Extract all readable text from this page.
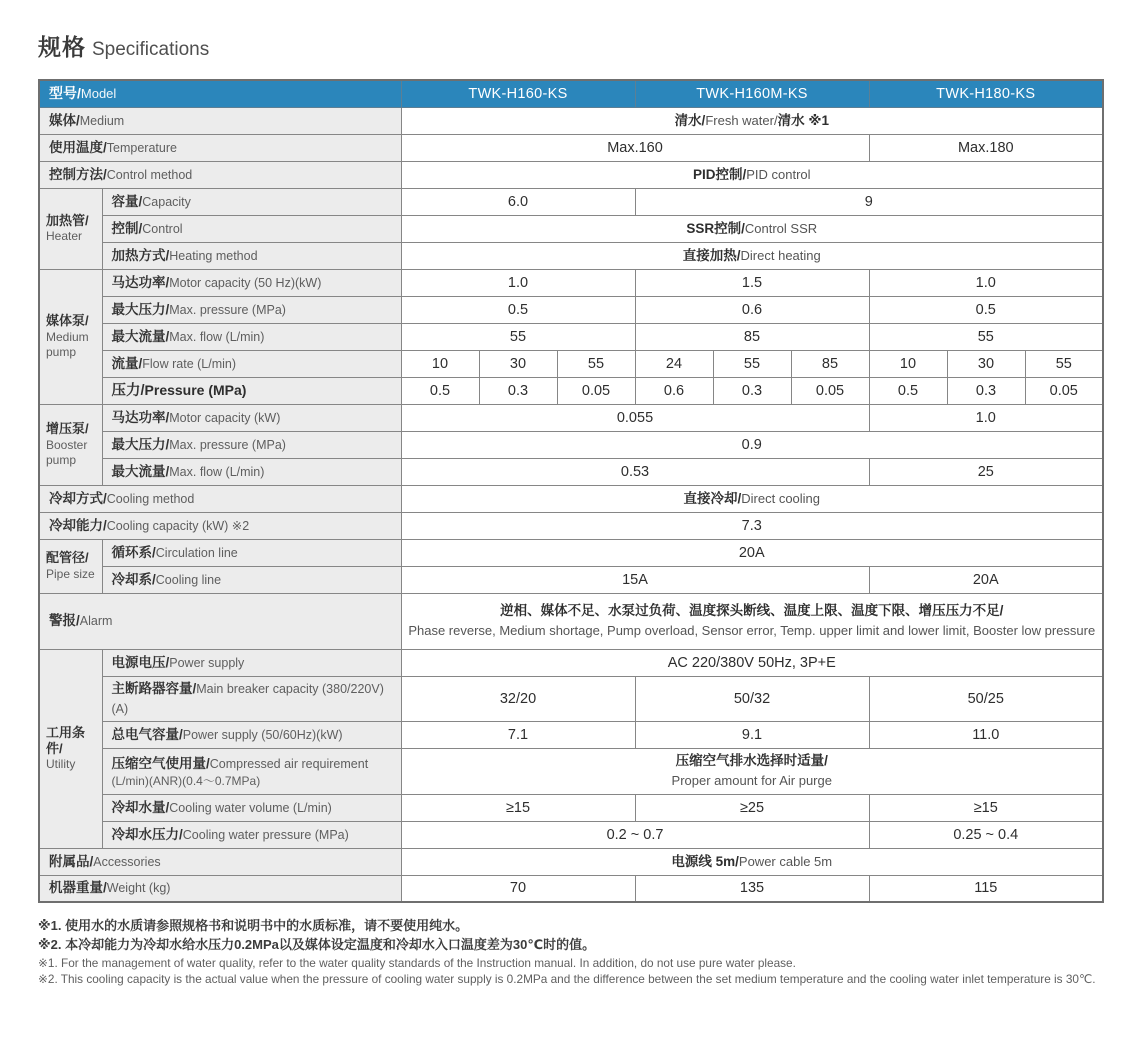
规格 Specifications
型号/Model		TWK-H160-KS			TWK-H160M-KS			TWK-H180-KS		
媒体/Medium		清水/Fresh water/清水 ※1								
使用温度/Temperature		Max.160						Max.180		
控制方法/Control method		PID控制/PID control								

加热管/
Heater	容量/Capacity	6.0			9					
	控制/Control	SSR控制/Control SSR								
	加热方式/Heating method	直接加热/Direct heating								

媒体泵/
Medium pump	马达功率/Motor capacity (50 Hz)(kW)	1.0			1.5			1.0		
	最大压力/Max. pressure (MPa)	0.5			0.6			0.5		
	最大流量/Max. flow (L/min)	55			85			55		
	流量/Flow rate (L/min)	10	30	55	24	55	85	10	30	55
	压力/Pressure (MPa)	0.5	0.3	0.05	0.6	0.3	0.05	0.5	0.3	0.05

增压泵/
Booster pump	马达功率/Motor capacity (kW)	0.055						1.0		
	最大压力/Max. pressure (MPa)	0.9								
	最大流量/Max. flow (L/min)	0.53						25		
冷却方式/Cooling method		直接冷却/Direct cooling								
冷却能力/Cooling capacity (kW) ※2		7.3								

配管径/
Pipe size	循环系/Circulation line	20A								
	冷却系/Cooling line	15A						20A		
警报/Alarm		逆相、媒体不足、水泵过负荷、温度探头断线、温度上限、温度下限、增压压力不足/
Phase reverse, Medium shortage, Pump overload, Sensor error, Temp. upper limit and lower limit, Booster low pressure								

工用条件/
Utility	电源电压/Power supply	AC 220/380V 50Hz, 3P+E								
	主断路器容量/Main breaker capacity (380/220V)(A)	32/20			50/32			50/25		
	总电气容量/Power supply (50/60Hz)(kW)	7.1			9.1			11.0		
	压缩空气使用量/Compressed air requirement
(L/min)(ANR)(0.4～0.7MPa)	压缩空气排水选择时适量/
Proper amount for Air purge								
	冷却水量/Cooling water volume (L/min)	≥15			≥25			≥15		
	冷却水压力/Cooling water pressure (MPa)	0.2 ~ 0.7						0.25 ~ 0.4		
附属品/Accessories		电源线 5m/Power cable 5m								
机器重量/Weight (kg)		70			135			115		

※1. 使用水的水质请参照规格书和说明书中的水质标准，请不要使用纯水。

※2. 本冷却能力为冷却水给水压力0.2MPa以及媒体设定温度和冷却水入口温度差为30℃时的值。

※1. For the management of water quality, refer to the water quality standards of the Instruction manual. In addition, do not use pure water please.

※2. This cooling capacity is the actual value when the pressure of cooling water supply is 0.2MPa and the difference between the set medium temperature and the cooling water inlet temperature is 30℃.
